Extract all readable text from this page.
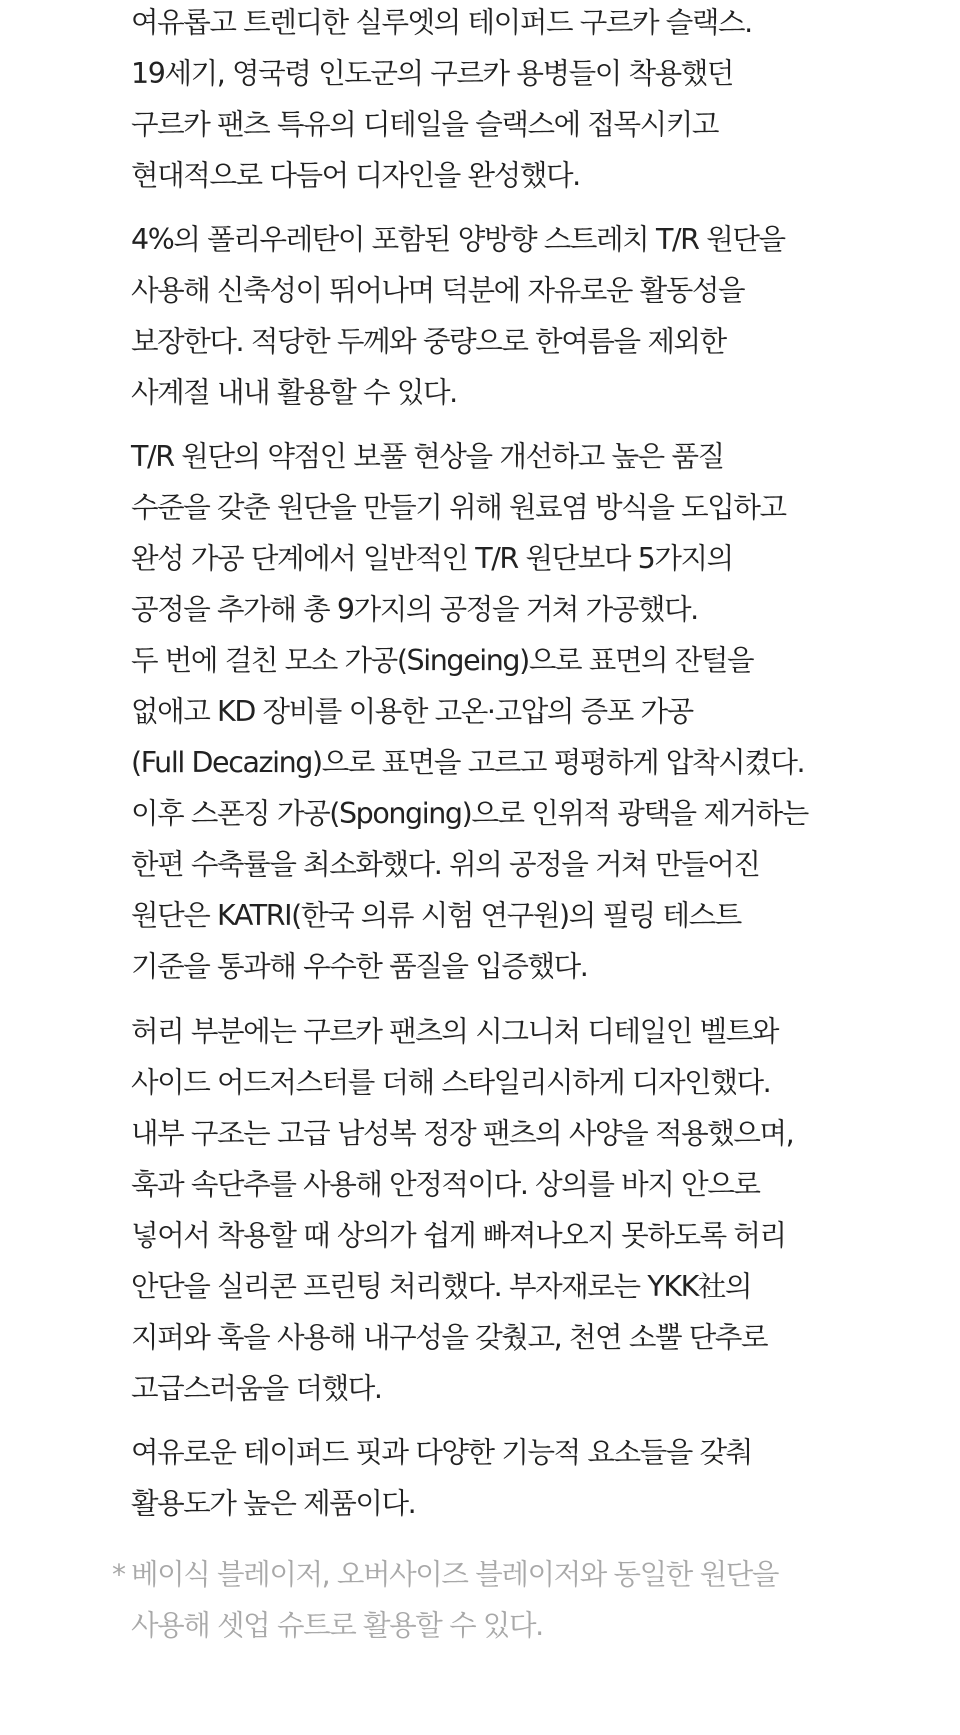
여유롭고 트렌디한 실루엣의 테이퍼드 구르카 슬랙스.
19세기, 영국령 인도군의 구르카 용병들이 착용했던
구르카 팬츠 특유의 디테일을 슬랙스에 접목시키고
현대적으로 다듬어 디자인을 완성했다.

4%의 폴리우레탄이 포함된 양방향 스트레치 T/R 원단을
사용해 신축성이 뛰어나며 덕분에 자유로운 활동성을
보장한다. 적당한 두께와 중량으로 한여름을 제외한
사계절 내내 활용할 수 있다.

T/R 원단의 약점인 보풀 현상을 개선하고 높은 품질
수준을 갖춘 원단을 만들기 위해 원료염 방식을 도입하고
완성 가공 단계에서 일반적인 T/R 원단보다 5가지의
공정을 추가해 총 9가지의 공정을 거쳐 가공했다.
두 번에 걸친 모소 가공(Singeing)으로 표면의 잔털을
없애고 KD 장비를 이용한 고온·고압의 증포 가공
(Full Decazing)으로 표면을 고르고 평평하게 압착시켰다.
이후 스폰징 가공(Sponging)으로 인위적 광택을 제거하는
한편 수축률을 최소화했다. 위의 공정을 거쳐 만들어진
원단은 KATRI(한국 의류 시험 연구원)의 필링 테스트
기준을 통과해 우수한 품질을 입증했다.

허리 부분에는 구르카 팬츠의 시그니처 디테일인 벨트와
사이드 어드저스터를 더해 스타일리시하게 디자인했다.
내부 구조는 고급 남성복 정장 팬츠의 사양을 적용했으며,
훅과 속단추를 사용해 안정적이다. 상의를 바지 안으로
넣어서 착용할 때 상의가 쉽게 빠져나오지 못하도록 허리
안단을 실리콘 프린팅 처리했다. 부자재로는 YKK社의
지퍼와 훅을 사용해 내구성을 갖췄고, 천연 소뿔 단추로
고급스러움을 더했다.

여유로운 테이퍼드 핏과 다양한 기능적 요소들을 갖춰
활용도가 높은 제품이다.

* 베이식 블레이저, 오버사이즈 블레이저와 동일한 원단을
사용해 셋업 슈트로 활용할 수 있다.
